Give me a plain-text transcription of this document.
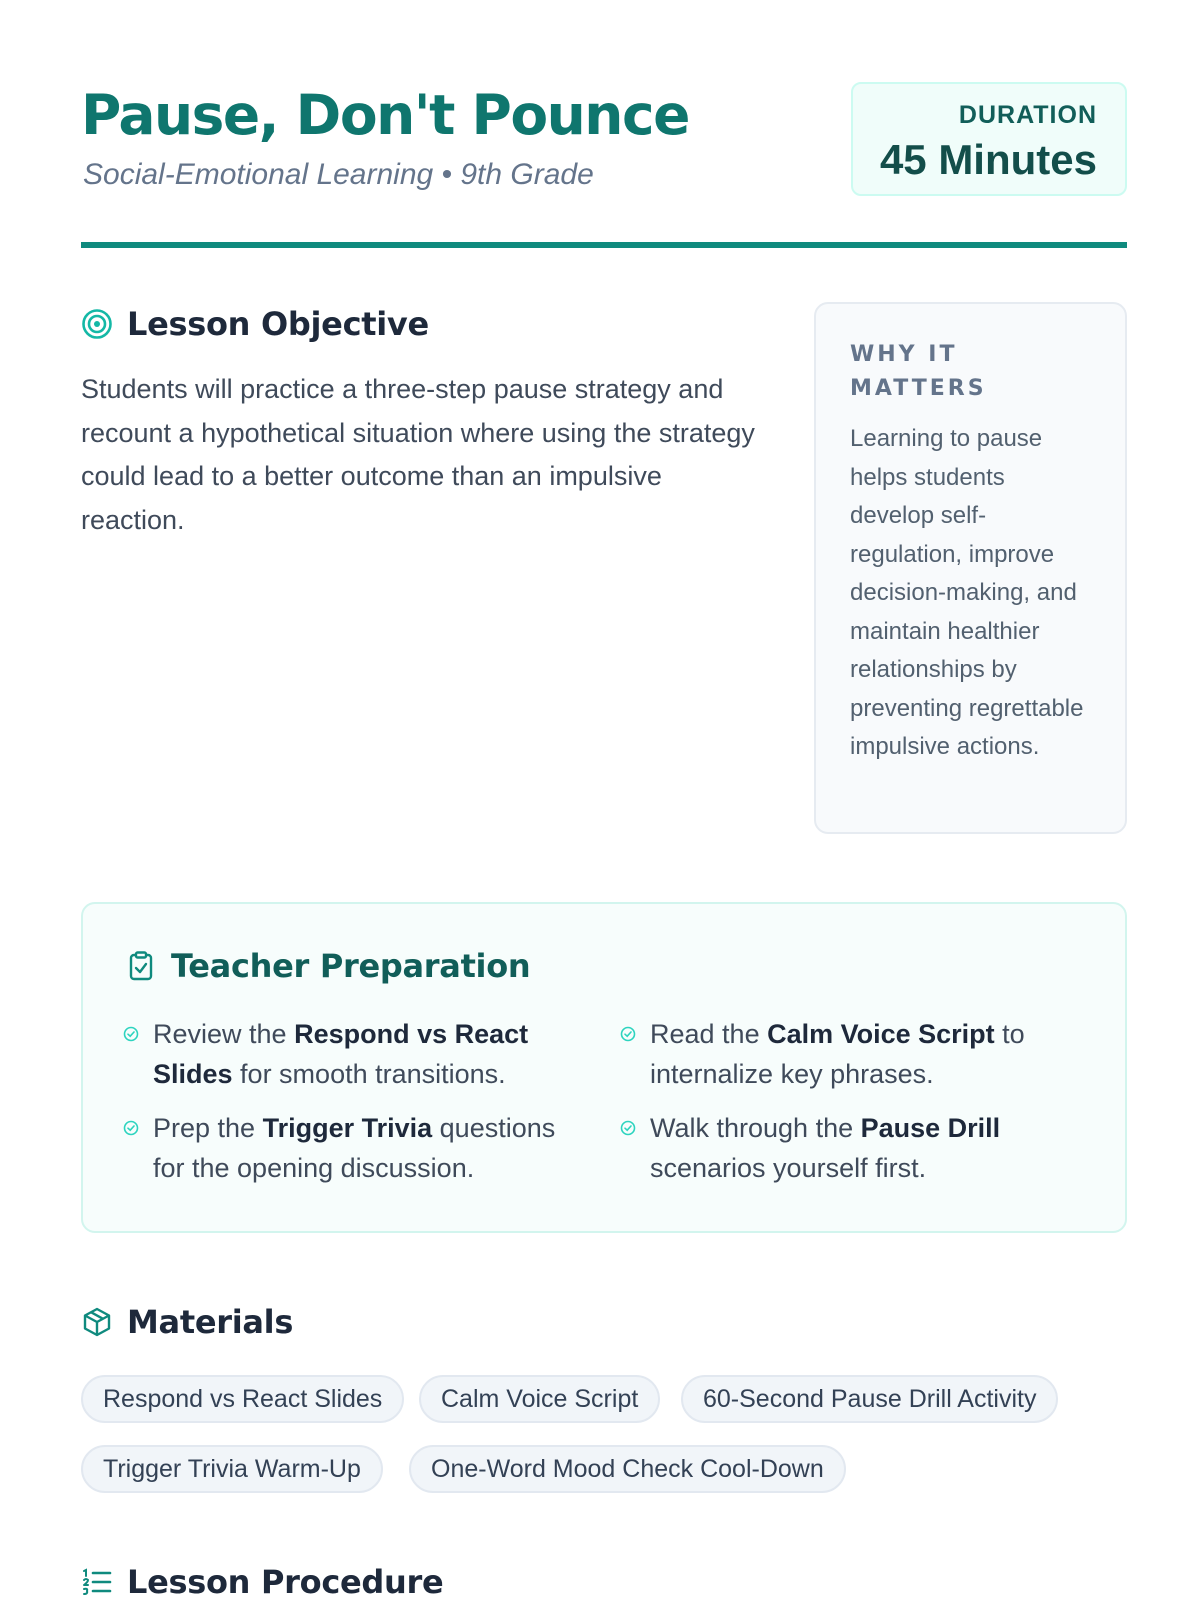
Pause, Don't Pounce
Social-Emotional Learning • 9th Grade
DURATION
45 Minutes
Lesson Objective

Students will practice a three-step pause strategy and recount a hypothetical situation where using the strategy could lead to a better outcome than an impulsive reaction.

WHY IT MATTERS

Learning to pause helps students develop self-regulation, improve decision-making, and maintain healthier relationships by preventing regrettable impulsive actions.

Teacher Preparation
Review the Respond vs React Slides for smooth transitions.
Read the Calm Voice Script to internalize key phrases.
Prep the Trigger Trivia questions for the opening discussion.
Walk through the Pause Drill scenarios yourself first.
Materials
Respond vs React Slides	Calm Voice Script	60-Second Pause Drill Activity
Trigger Trivia Warm-Up	One-Word Mood Check Cool-Down
Lesson Procedure
